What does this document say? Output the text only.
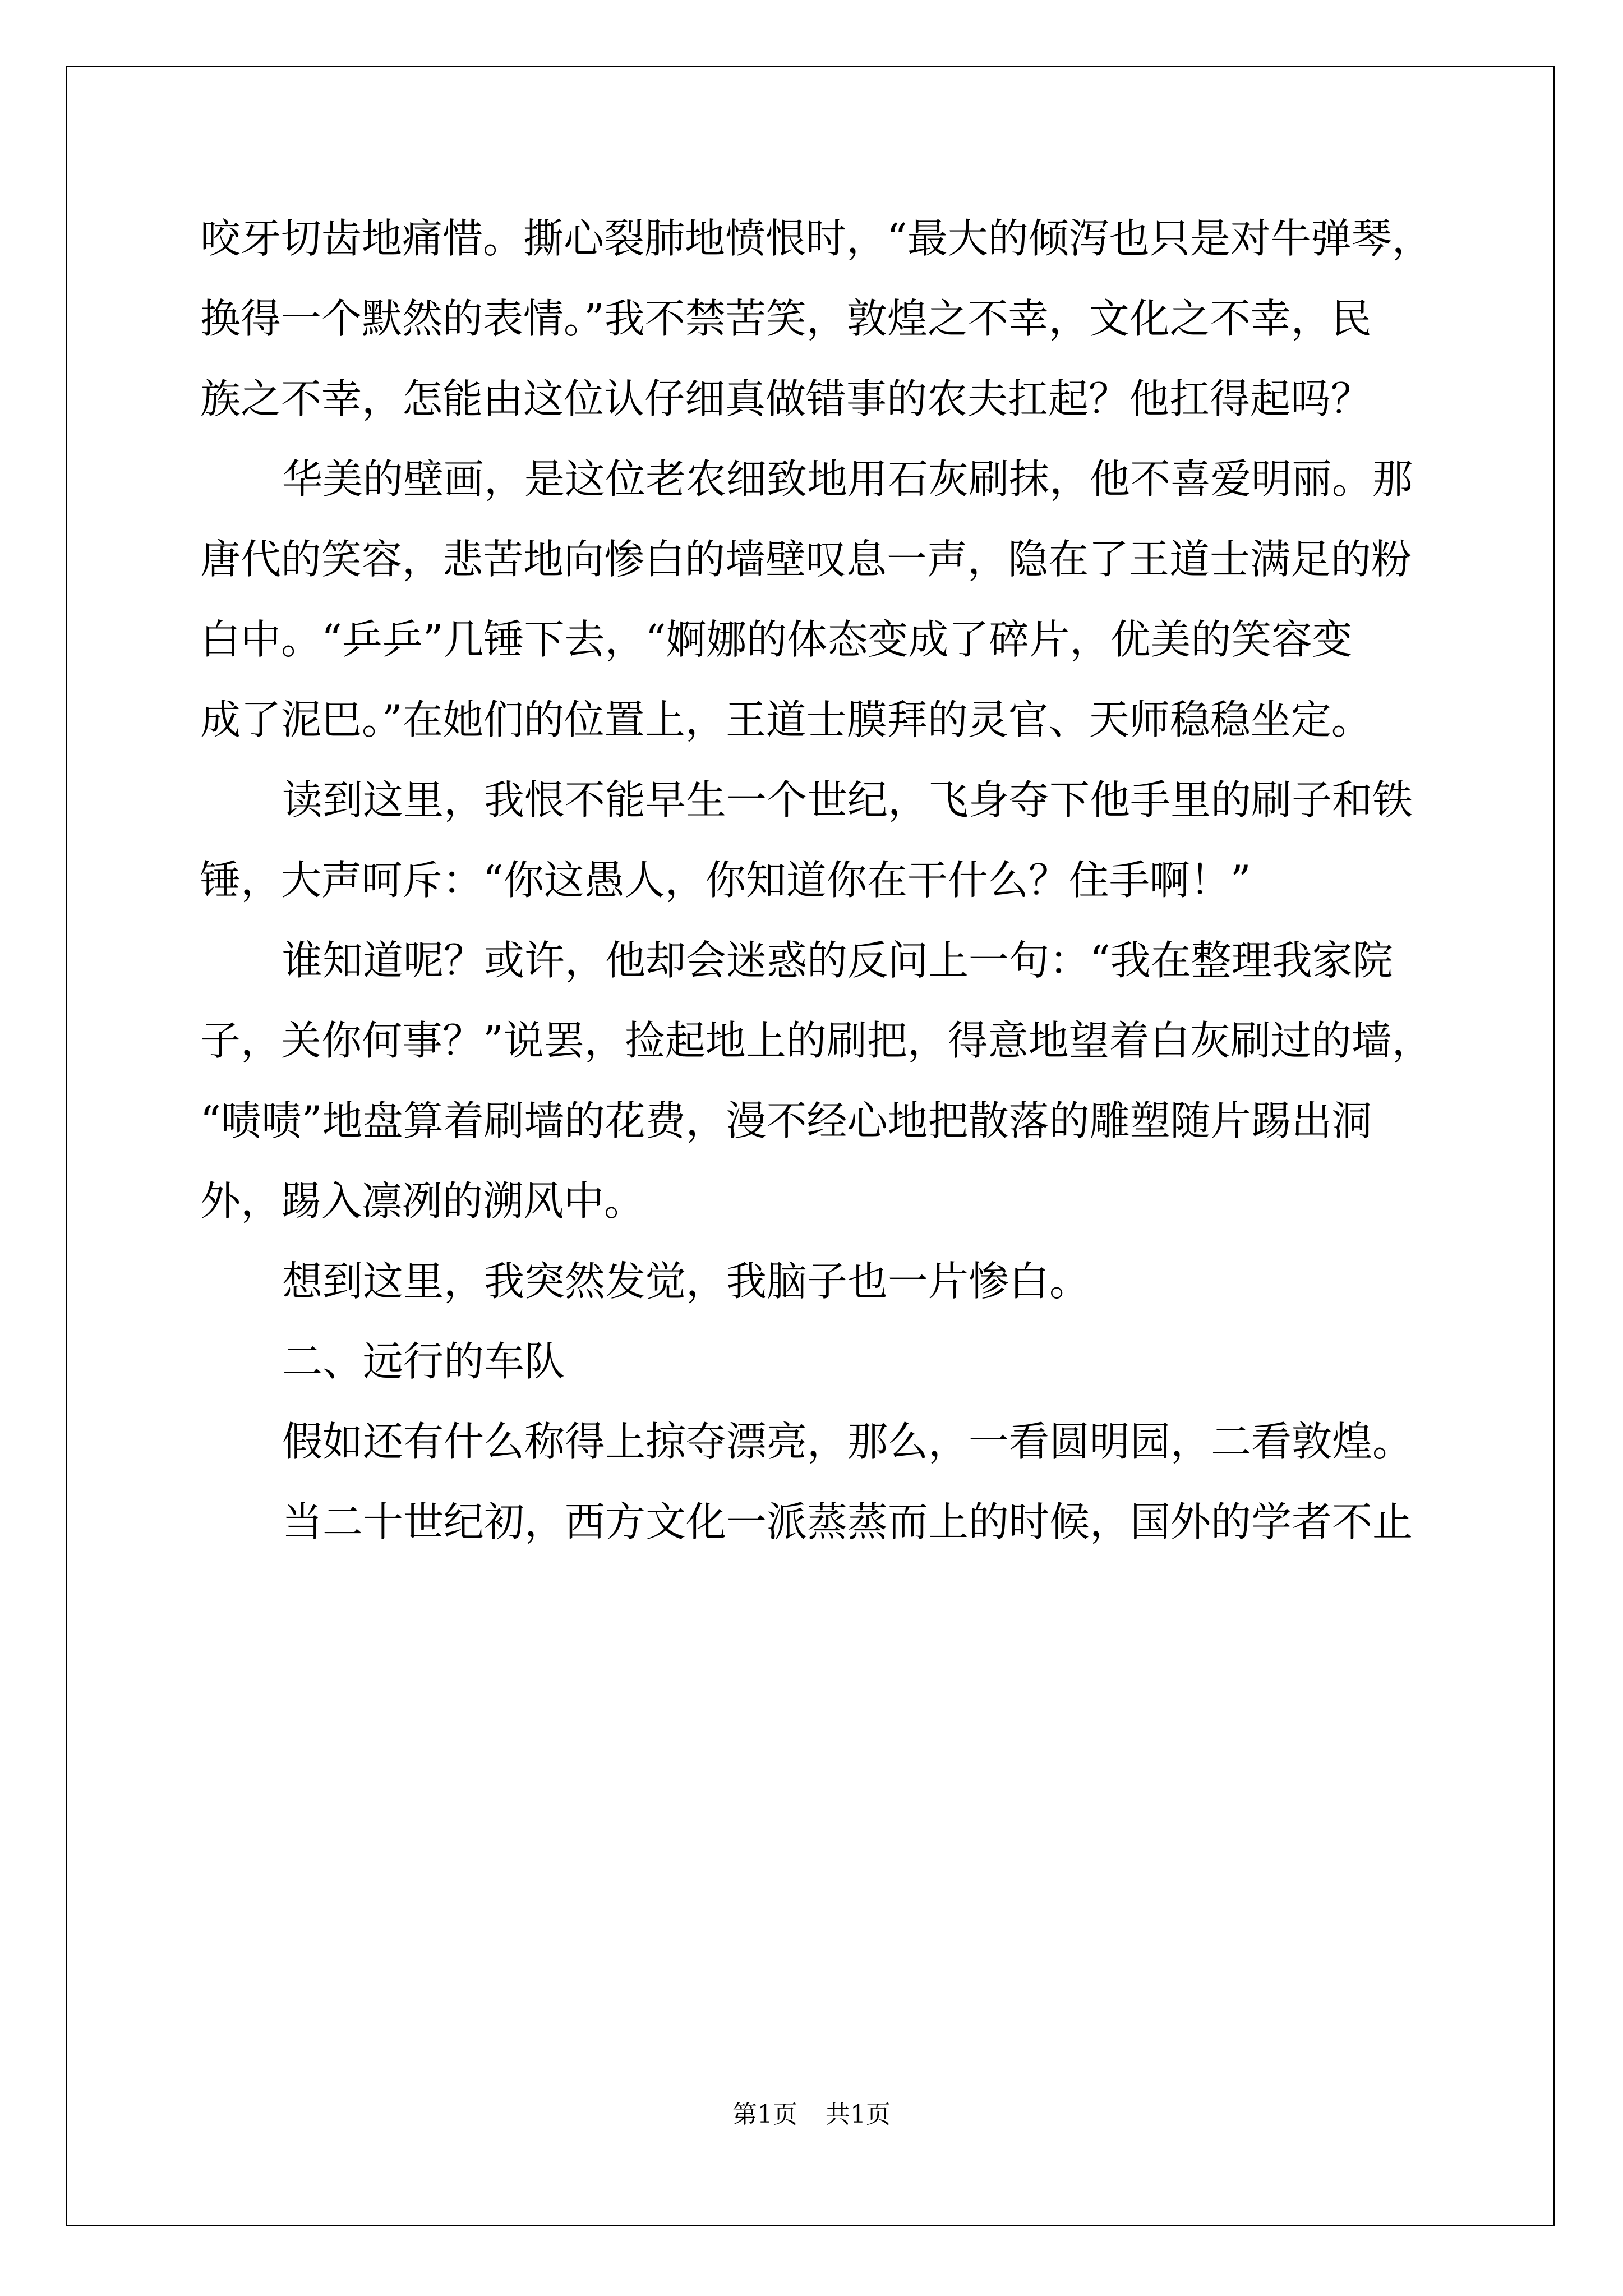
咬牙切齿地痛惜。撕心裂肺地愤恨时，“最大的倾泻也只是对牛弹琴，
换得一个默然的表情。”我不禁苦笑，敦煌之不幸，文化之不幸，民
族之不幸，怎能由这位认仔细真做错事的农夫扛起？他扛得起吗？
华美的壁画，是这位老农细致地用石灰刷抹，他不喜爱明丽。那
唐代的笑容，悲苦地向惨白的墙壁叹息一声，隐在了王道士满足的粉
白中。“乒乒”几锤下去，“婀娜的体态变成了碎片，优美的笑容变
成了泥巴。”在她们的位置上，王道士膜拜的灵官、天师稳稳坐定。
读到这里，我恨不能早生一个世纪，飞身夺下他手里的刷子和铁
锤，大声呵斥：“你这愚人，你知道你在干什么？住手啊！”
谁知道呢？或许，他却会迷惑的反问上一句：“我在整理我家院
子，关你何事？”说罢，捡起地上的刷把，得意地望着白灰刷过的墙，
“啧啧”地盘算着刷墙的花费，漫不经心地把散落的雕塑随片踢出洞
外，踢入凛冽的溯风中。
想到这里，我突然发觉，我脑子也一片惨白。
二、远行的车队
假如还有什么称得上掠夺漂亮，那么，一看圆明园，二看敦煌。
当二十世纪初，西方文化一派蒸蒸而上的时候，国外的学者不止
第1页 共1页
